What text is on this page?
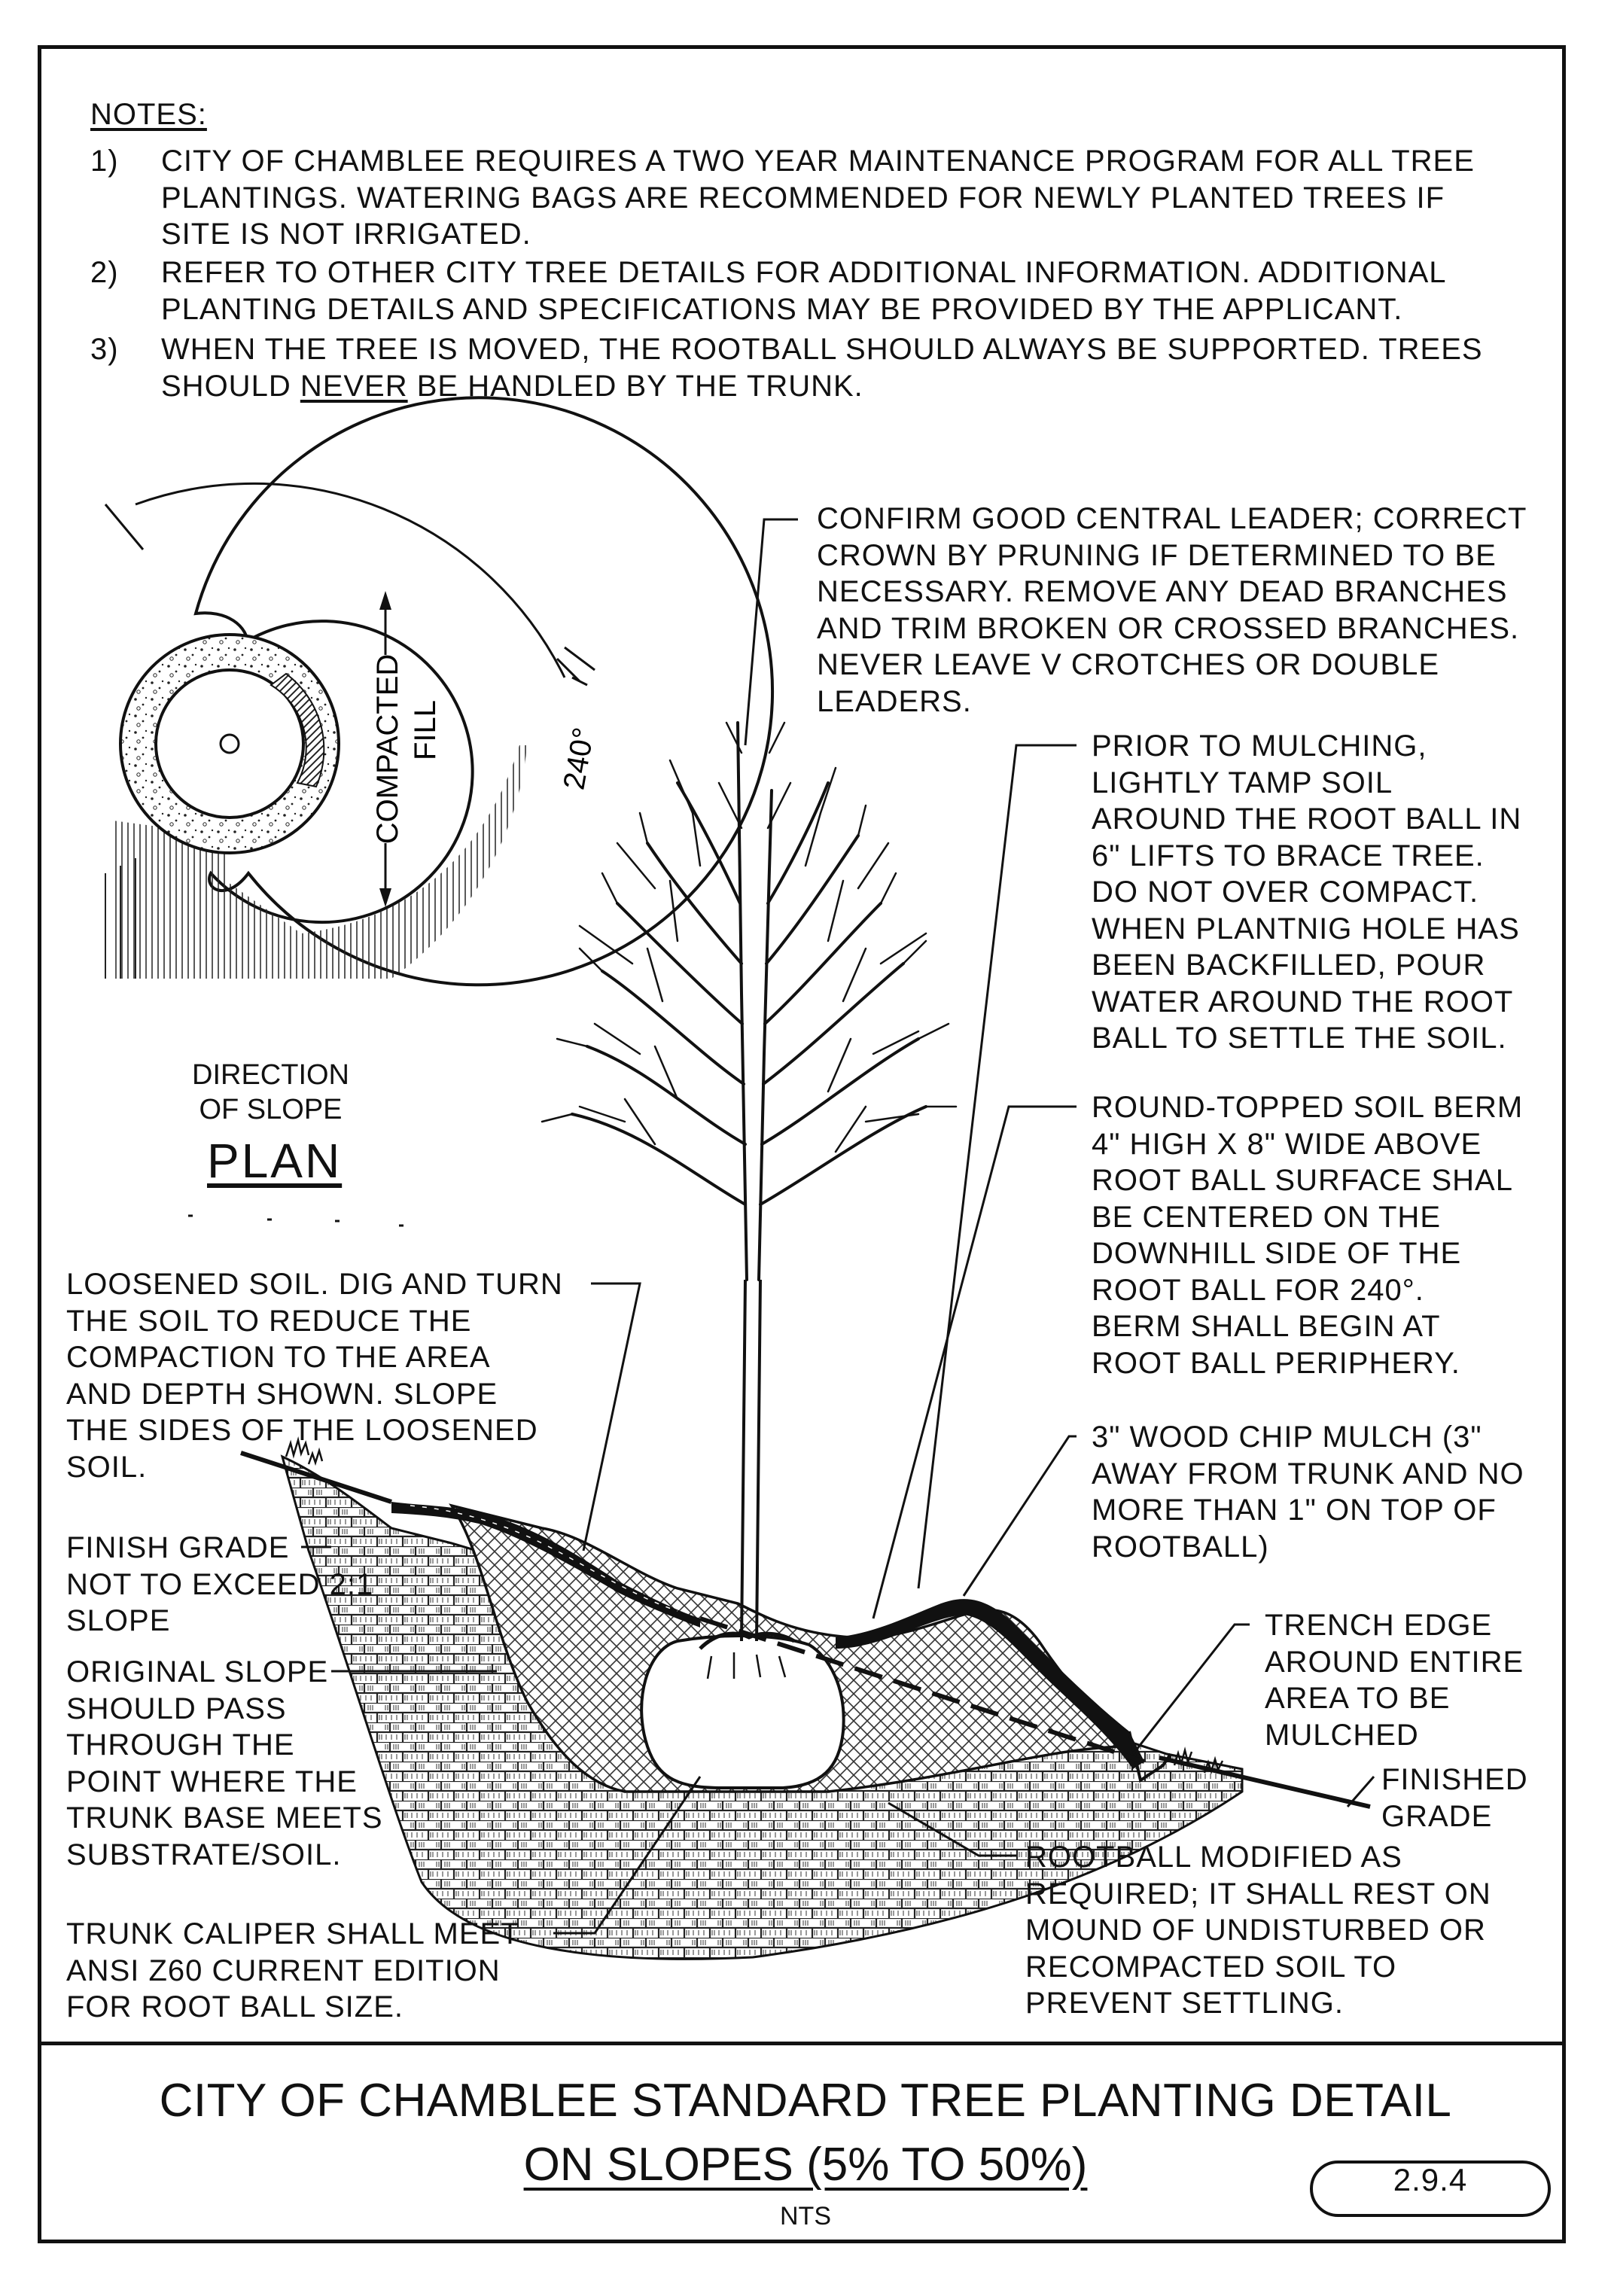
NOTES:
1) CITY OF CHAMBLEE REQUIRES A TWO YEAR MAINTENANCE PROGRAM FOR ALL TREE
PLANTINGS. WATERING BAGS ARE RECOMMENDED FOR NEWLY PLANTED TREES IF
SITE IS NOT IRRIGATED.
2) REFER TO OTHER CITY TREE DETAILS FOR ADDITIONAL INFORMATION. ADDITIONAL
PLANTING DETAILS AND SPECIFICATIONS MAY BE PROVIDED BY THE APPLICANT.
3) WHEN THE TREE IS MOVED, THE ROOTBALL SHOULD ALWAYS BE SUPPORTED. TREES
SHOULD NEVER BE HANDLED BY THE TRUNK.
COMPACTED FILL	240°
DIRECTION
OF SLOPE
PLAN
CONFIRM GOOD CENTRAL LEADER; CORRECT
CROWN BY PRUNING IF DETERMINED TO BE
NECESSARY. REMOVE ANY DEAD BRANCHES
AND TRIM BROKEN OR CROSSED BRANCHES.
NEVER LEAVE V CROTCHES OR DOUBLE
LEADERS.
PRIOR TO MULCHING,
LIGHTLY TAMP SOIL
AROUND THE ROOT BALL IN
6" LIFTS TO BRACE TREE.
DO NOT OVER COMPACT.
WHEN PLANTNIG HOLE HAS
BEEN BACKFILLED, POUR
WATER AROUND THE ROOT
BALL TO SETTLE THE SOIL.
ROUND-TOPPED SOIL BERM
4" HIGH X 8" WIDE ABOVE
ROOT BALL SURFACE SHAL
BE CENTERED ON THE
DOWNHILL SIDE OF THE
ROOT BALL FOR 240°.
BERM SHALL BEGIN AT
ROOT BALL PERIPHERY.
3" WOOD CHIP MULCH (3"
AWAY FROM TRUNK AND NO
MORE THAN 1" ON TOP OF
ROOTBALL)
LOOSENED SOIL. DIG AND TURN
THE SOIL TO REDUCE THE
COMPACTION TO THE AREA
AND DEPTH SHOWN. SLOPE
THE SIDES OF THE LOOSENED
SOIL.
FINISH GRADE
NOT TO EXCEED 2:1
SLOPE
ORIGINAL SLOPE
SHOULD PASS
THROUGH THE
POINT WHERE THE
TRUNK BASE MEETS
SUBSTRATE/SOIL.
TRUNK CALIPER SHALL MEET
ANSI Z60 CURRENT EDITION
FOR ROOT BALL SIZE.
TRENCH EDGE
AROUND ENTIRE
AREA TO BE
MULCHED
FINISHED
GRADE
ROOTBALL MODIFIED AS
REQUIRED; IT SHALL REST ON
MOUND OF UNDISTURBED OR
RECOMPACTED SOIL TO
PREVENT SETTLING.
CITY OF CHAMBLEE STANDARD TREE PLANTING DETAIL
ON SLOPES (5% TO 50%)
NTS
2.9.4
